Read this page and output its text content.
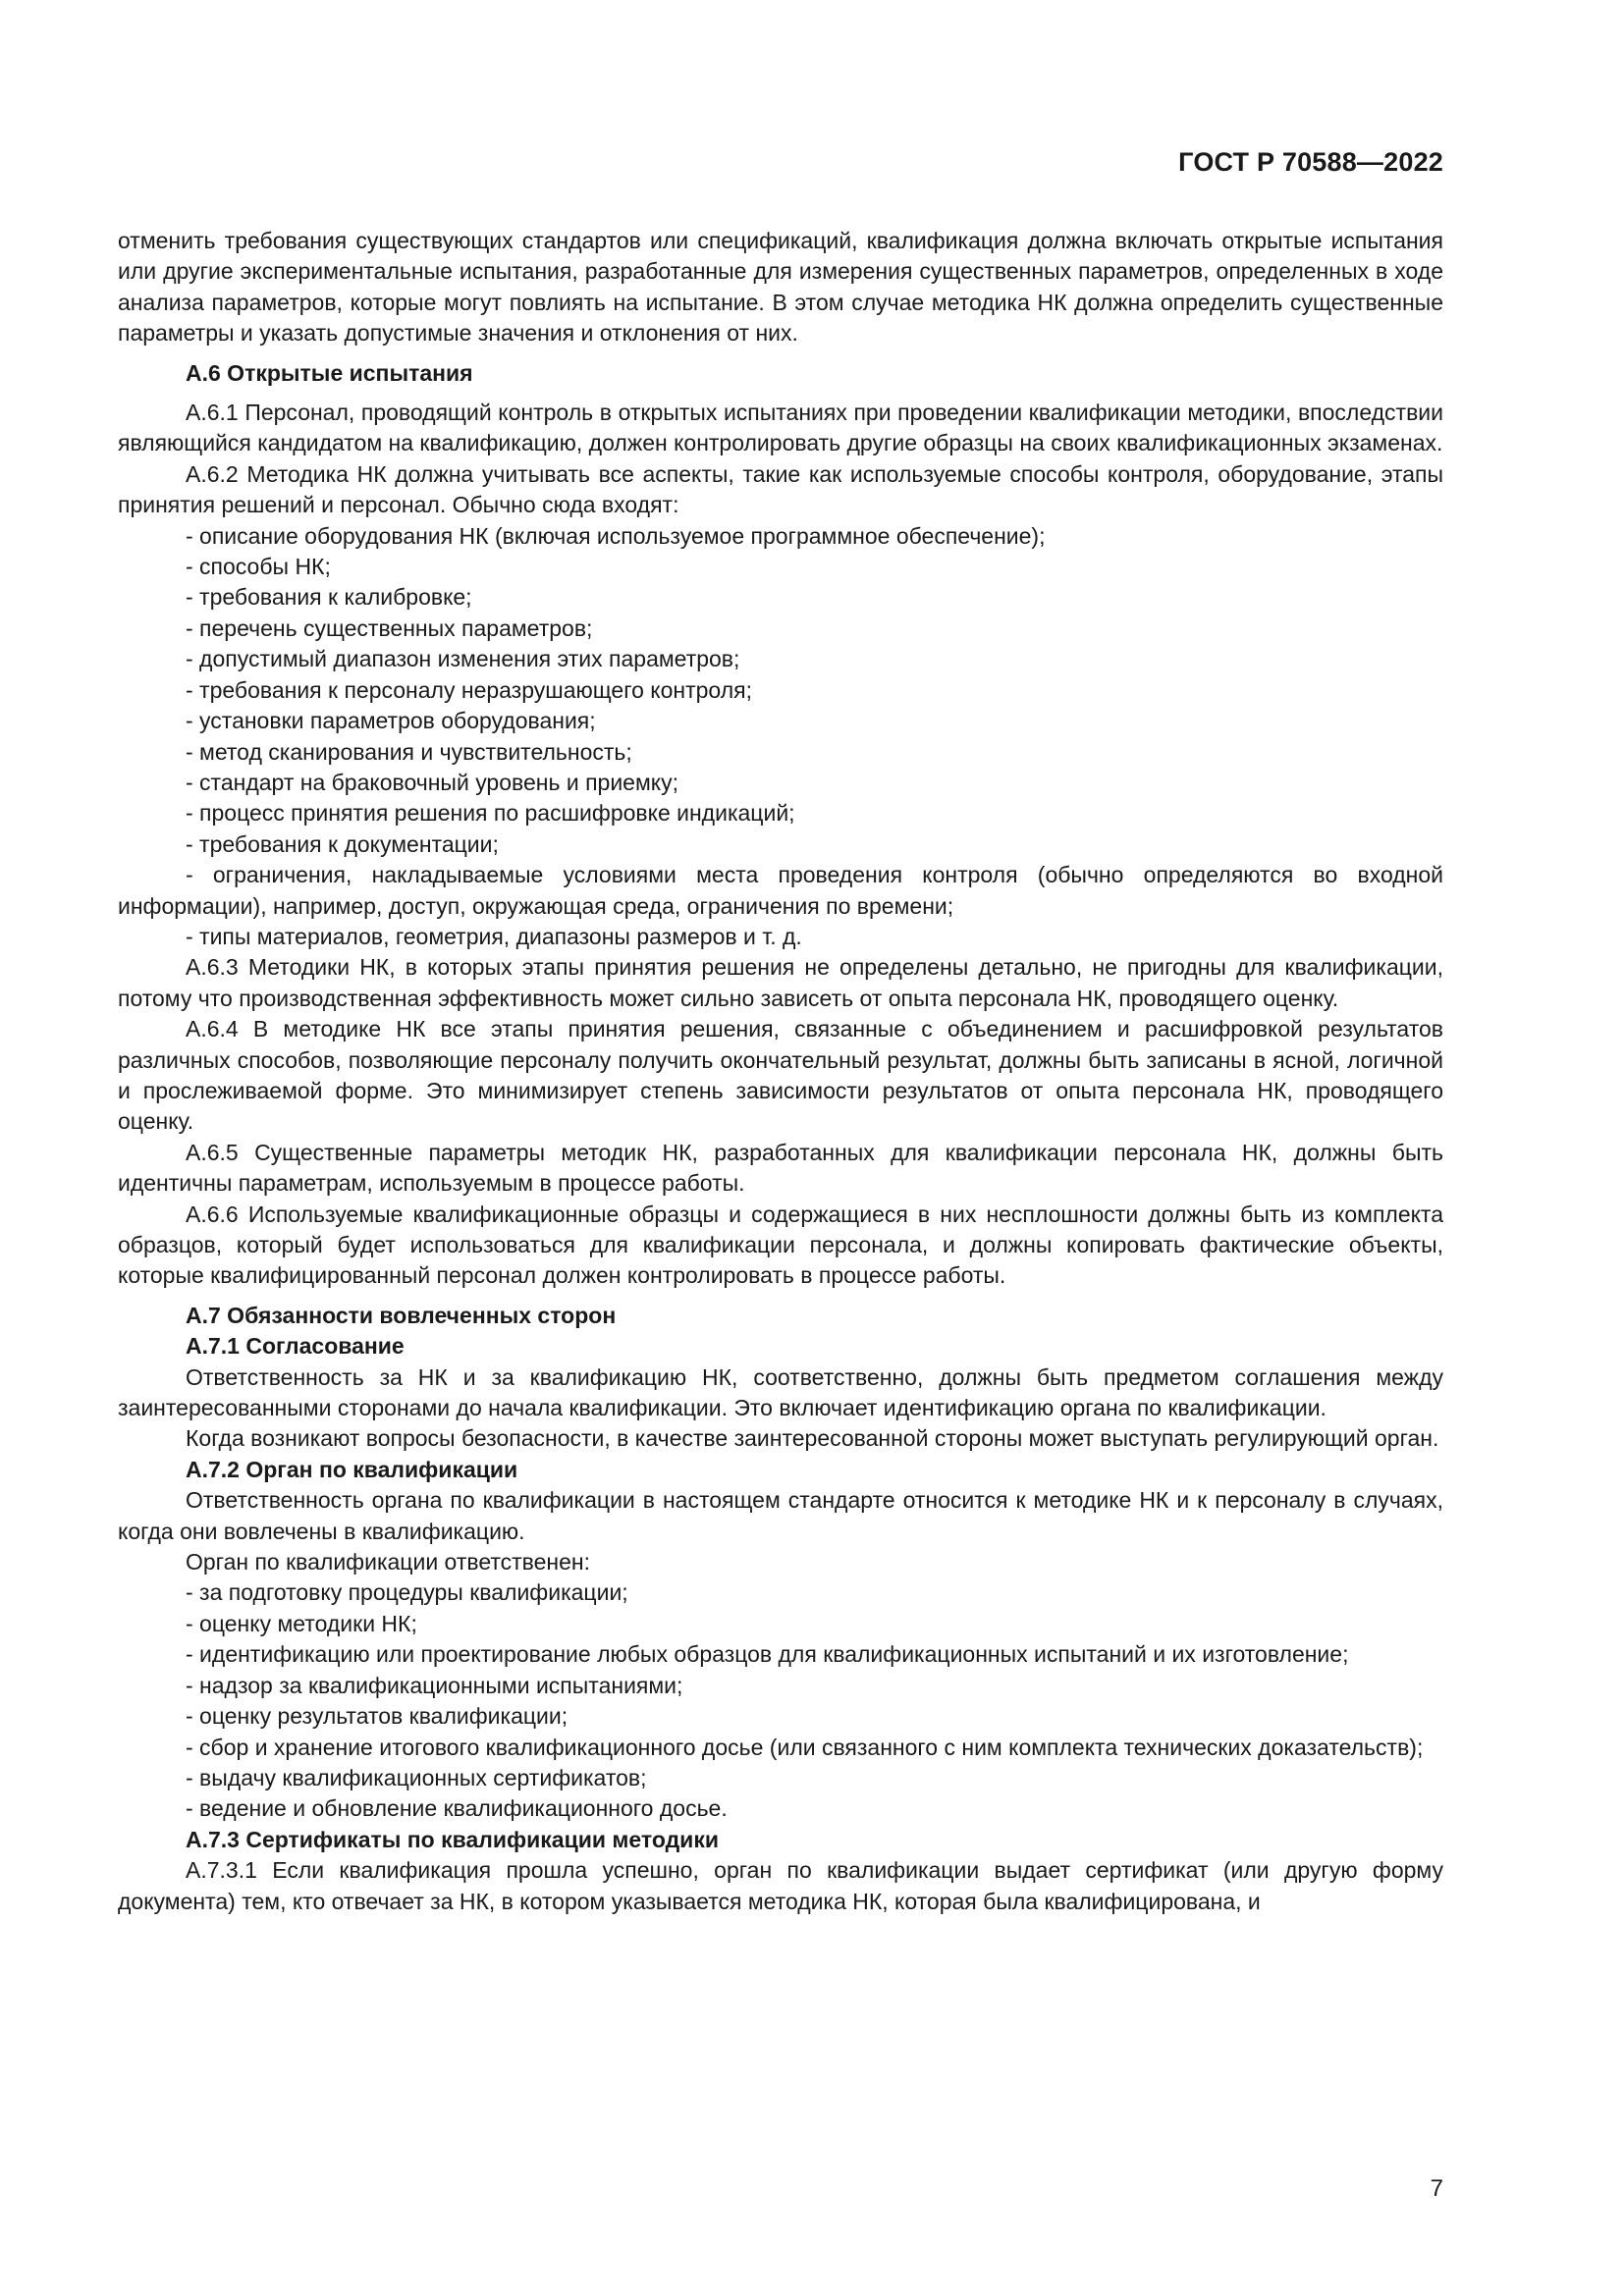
ГОСТ Р 70588—2022

отменить требования существующих стандартов или спецификаций, квалификация должна включать открытые испытания или другие экспериментальные испытания, разработанные для измерения существенных параметров, определенных в ходе анализа параметров, которые могут повлиять на испытание. В этом случае методика НК должна определить существенные параметры и указать допустимые значения и отклонения от них.

А.6 Открытые испытания

А.6.1 Персонал, проводящий контроль в открытых испытаниях при проведении квалификации методики, впоследствии являющийся кандидатом на квалификацию, должен контролировать другие образцы на своих квалификационных экзаменах.

А.6.2 Методика НК должна учитывать все аспекты, такие как используемые способы контроля, оборудование, этапы принятия решений и персонал. Обычно сюда входят:

- описание оборудования НК (включая используемое программное обеспечение);

- способы НК;

- требования к калибровке;

- перечень существенных параметров;

- допустимый диапазон изменения этих параметров;

- требования к персоналу неразрушающего контроля;

- установки параметров оборудования;

- метод сканирования и чувствительность;

- стандарт на браковочный уровень и приемку;

- процесс принятия решения по расшифровке индикаций;

- требования к документации;

- ограничения, накладываемые условиями места проведения контроля (обычно определяются во входной информации), например, доступ, окружающая среда, ограничения по времени;

- типы материалов, геометрия, диапазоны размеров и т. д.

А.6.3 Методики НК, в которых этапы принятия решения не определены детально, не пригодны для квалификации, потому что производственная эффективность может сильно зависеть от опыта персонала НК, проводящего оценку.

А.6.4 В методике НК все этапы принятия решения, связанные с объединением и расшифровкой результатов различных способов, позволяющие персоналу получить окончательный результат, должны быть записаны в ясной, логичной и прослеживаемой форме. Это минимизирует степень зависимости результатов от опыта персонала НК, проводящего оценку.

А.6.5 Существенные параметры методик НК, разработанных для квалификации персонала НК, должны быть идентичны параметрам, используемым в процессе работы.

А.6.6 Используемые квалификационные образцы и содержащиеся в них несплошности должны быть из комплекта образцов, который будет использоваться для квалификации персонала, и должны копировать фактические объекты, которые квалифицированный персонал должен контролировать в процессе работы.

А.7 Обязанности вовлеченных сторон

А.7.1 Согласование

Ответственность за НК и за квалификацию НК, соответственно, должны быть предметом соглашения между заинтересованными сторонами до начала квалификации. Это включает идентификацию органа по квалификации.

Когда возникают вопросы безопасности, в качестве заинтересованной стороны может выступать регулирующий орган.

А.7.2 Орган по квалификации

Ответственность органа по квалификации в настоящем стандарте относится к методике НК и к персоналу в случаях, когда они вовлечены в квалификацию.

Орган по квалификации ответственен:

- за подготовку процедуры квалификации;

- оценку методики НК;

- идентификацию или проектирование любых образцов для квалификационных испытаний и их изготовление;

- надзор за квалификационными испытаниями;

- оценку результатов квалификации;

- сбор и хранение итогового квалификационного досье (или связанного с ним комплекта технических доказательств);

- выдачу квалификационных сертификатов;

- ведение и обновление квалификационного досье.

А.7.3 Сертификаты по квалификации методики

А.7.3.1 Если квалификация прошла успешно, орган по квалификации выдает сертификат (или другую форму документа) тем, кто отвечает за НК, в котором указывается методика НК, которая была квалифицирована, и

7
